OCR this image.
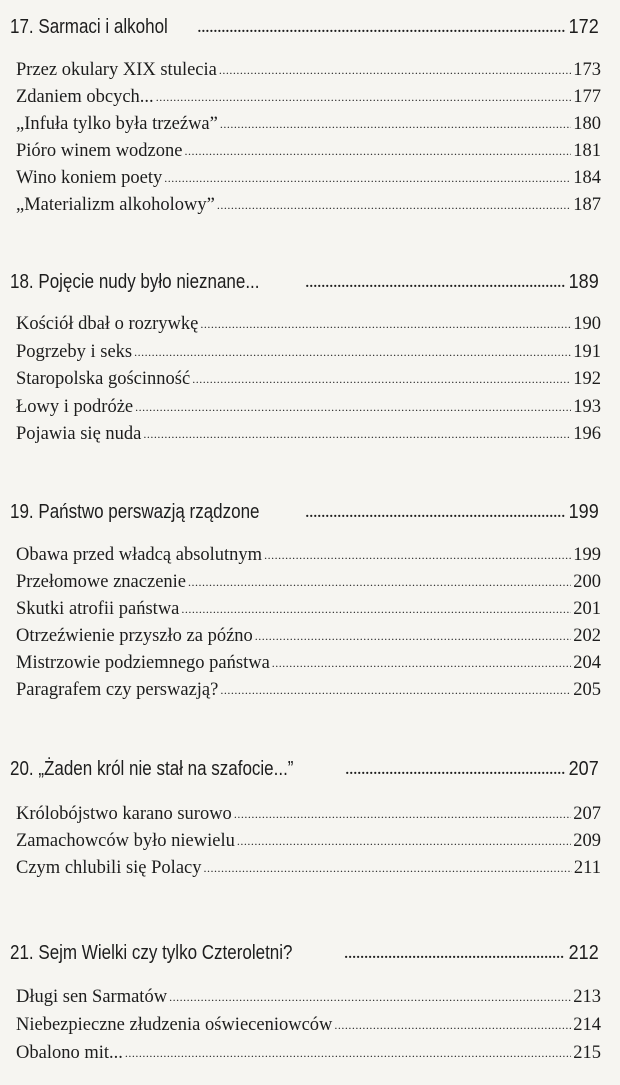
17. Sarmaci i alkohol .....	172
Przez okulary XIX stulecia .....	173
Zdaniem obcych... .....	177
„Infuła tylko była trzeźwa” .....	180
Pióro winem wodzone .....	181
Wino koniem poety .....	184
„Materializm alkoholowy” .....	187
18. Pojęcie nudy było nieznane... .....	189
Kościół dbał o rozrywkę .....	190
Pogrzeby i seks .....	191
Staropolska gościnność .....	192
Łowy i podróże .....	193
Pojawia się nuda .....	196
19. Państwo perswazją rządzone .....	199
Obawa przed władcą absolutnym .....	199
Przełomowe znaczenie .....	200
Skutki atrofii państwa .....	201
Otrzeźwienie przyszło za późno .....	202
Mistrzowie podziemnego państwa .....	204
Paragrafem czy perswazją? .....	205
20. „Żaden król nie stał na szafocie...” .....	207
Królobójstwo karano surowo .....	207
Zamachowców było niewielu .....	209
Czym chlubili się Polacy .....	211
21. Sejm Wielki czy tylko Czteroletni? .....	212
Długi sen Sarmatów .....	213
Niebezpieczne złudzenia oświeceniowców .....	214
Obalono mit... .....	215
